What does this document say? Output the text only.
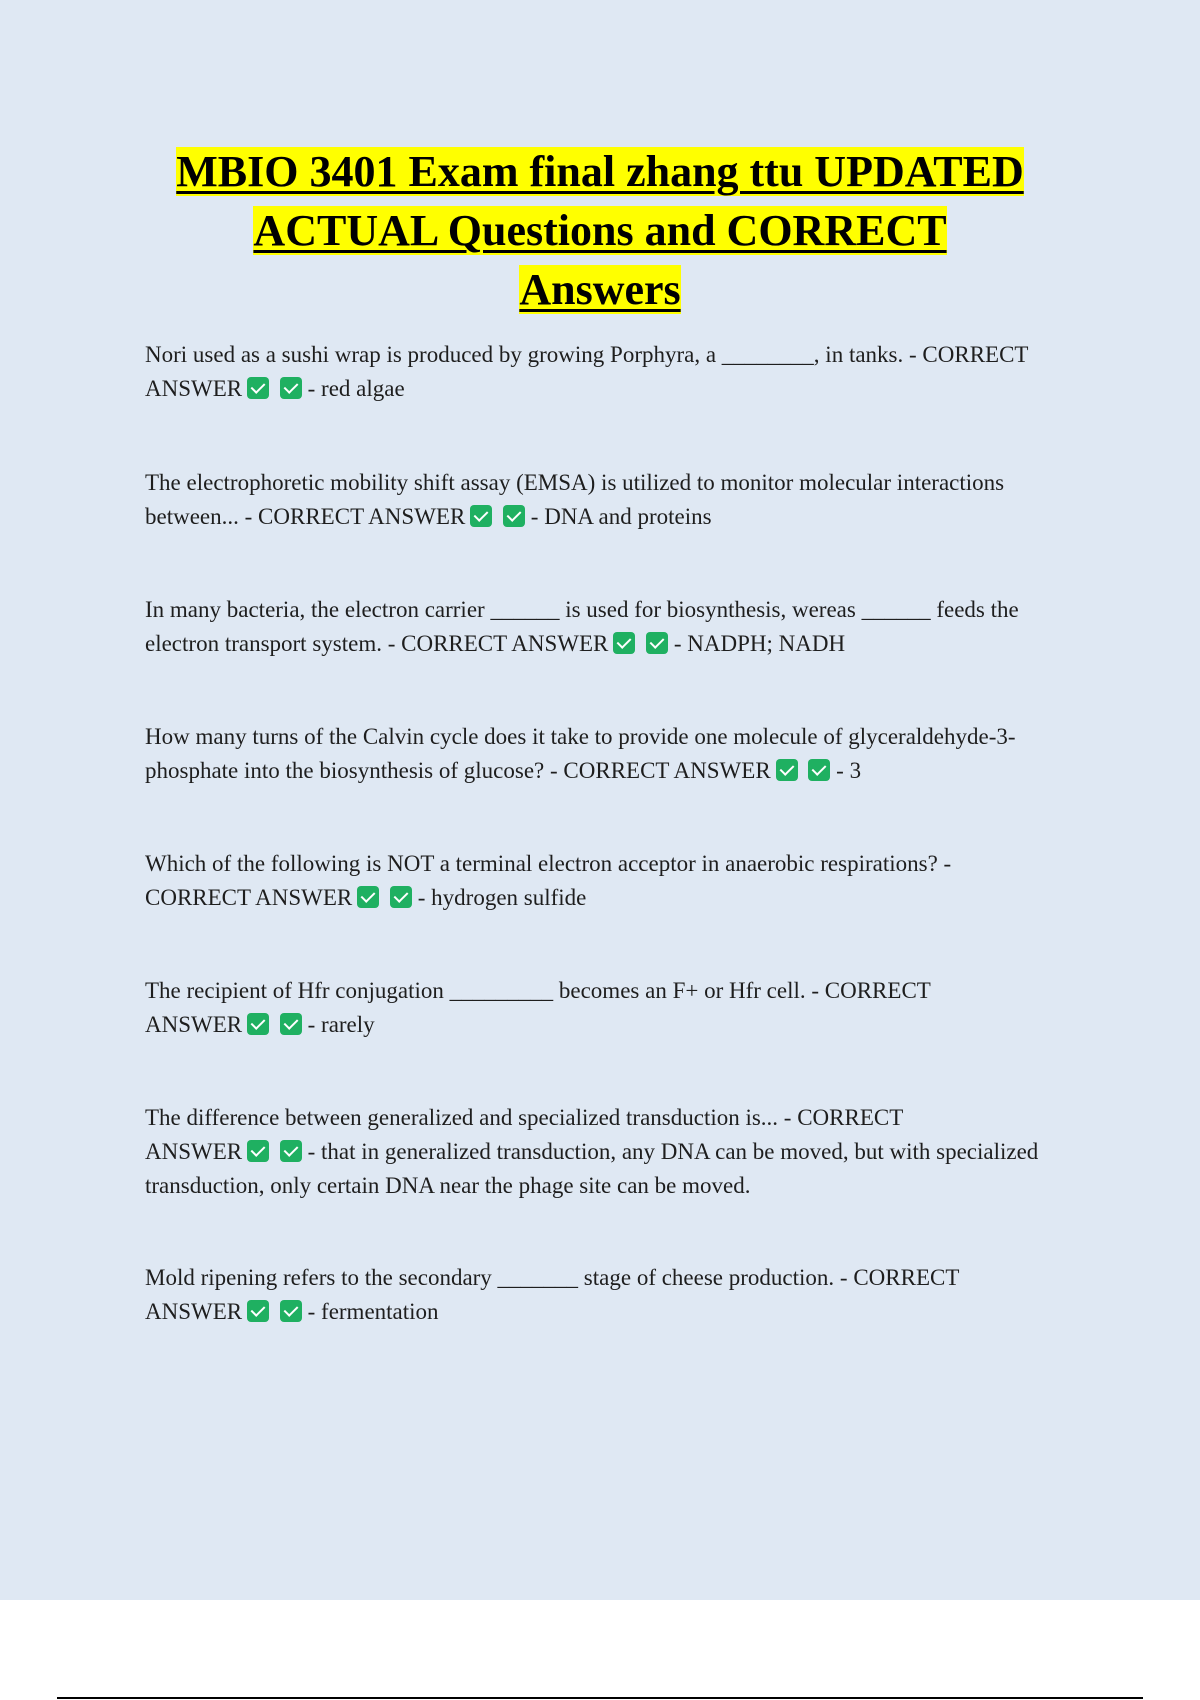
MBIO 3401 Exam final zhang ttu UPDATED
ACTUAL Questions and CORRECT
Answers

Nori used as a sushi wrap is produced by growing Porphyra, a ________, in tanks. - CORRECT
ANSWER	- red algae

The electrophoretic mobility shift assay (EMSA) is utilized to monitor molecular interactions between... - CORRECT ANSWER	- DNA and proteins

In many bacteria, the electron carrier ______ is used for biosynthesis, wereas ______ feeds the electron transport system. - CORRECT ANSWER	- NADPH; NADH

How many turns of the Calvin cycle does it take to provide one molecule of glyceraldehyde-3-phosphate into the biosynthesis of glucose? - CORRECT ANSWER	- 3

Which of the following is NOT a terminal electron acceptor in anaerobic respirations? -
CORRECT ANSWER	- hydrogen sulfide

The recipient of Hfr conjugation _________ becomes an F+ or Hfr cell. - CORRECT
ANSWER	- rarely

The difference between generalized and specialized transduction is... - CORRECT
ANSWER	- that in generalized transduction, any DNA can be moved, but with specialized transduction, only certain DNA near the phage site can be moved.

Mold ripening refers to the secondary _______ stage of cheese production. - CORRECT
ANSWER	- fermentation
